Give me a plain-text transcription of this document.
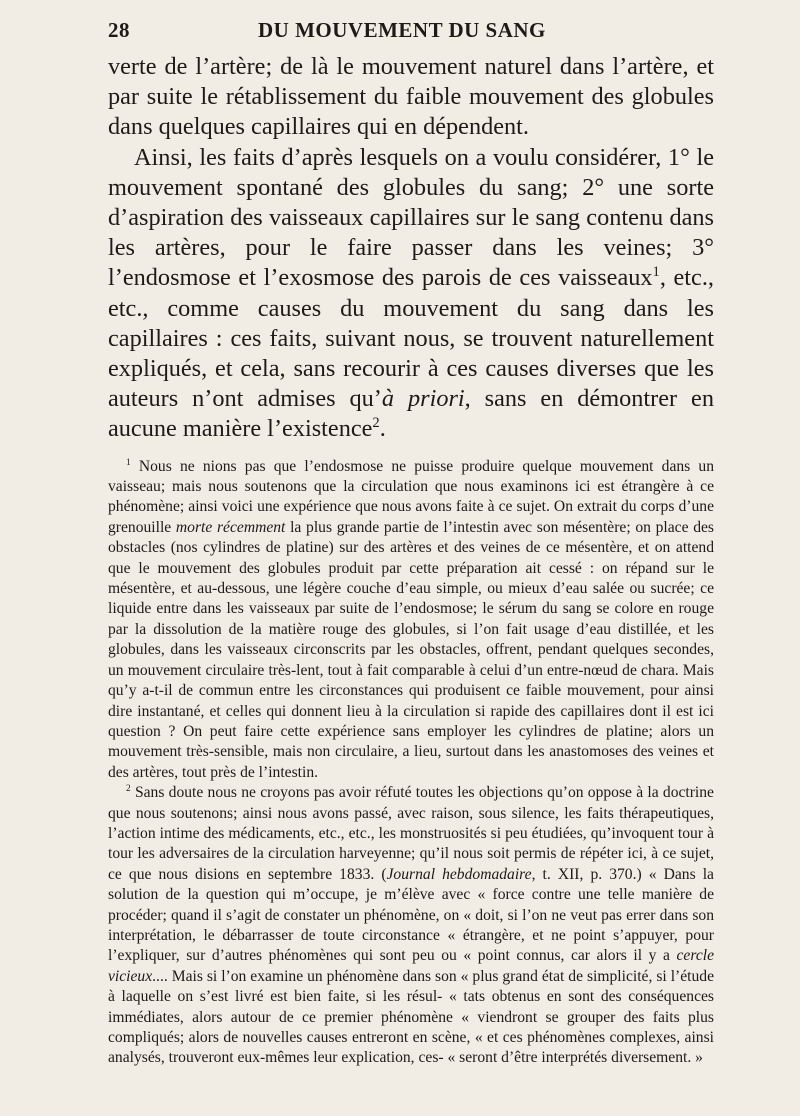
28	DU MOUVEMENT DU SANG

verte de l’artère; de là le mouvement naturel dans l’artère, et par suite le rétablissement du faible mouvement des globules dans quelques capillaires qui en dépendent.

Ainsi, les faits d’après lesquels on a voulu considérer, 1° le mouvement spontané des globules du sang; 2° une sorte d’aspiration des vaisseaux capillaires sur le sang contenu dans les artères, pour le faire passer dans les veines; 3° l’endosmose et l’exosmose des parois de ces vaisseaux$^1$, etc., etc., comme causes du mouvement du sang dans les capillaires : ces faits, suivant nous, se trouvent naturellement expliqués, et cela, sans recourir à ces causes diverses que les auteurs n’ont admises qu’à priori, sans en démontrer en aucune manière l’existence$^2$.

$^1$ Nous ne nions pas que l’endosmose ne puisse produire quelque mouvement dans un vaisseau; mais nous soutenons que la circulation que nous examinons ici est étrangère à ce phénomène; ainsi voici une expérience que nous avons faite à ce sujet. On extrait du corps d’une grenouille morte récemment la plus grande partie de l’intestin avec son mésentère; on place des obstacles (nos cylindres de platine) sur des artères et des veines de ce mésentère, et on attend que le mouvement des globules produit par cette préparation ait cessé : on répand sur le mésentère, et au-dessous, une légère couche d’eau simple, ou mieux d’eau salée ou sucrée; ce liquide entre dans les vaisseaux par suite de l’endosmose; le sérum du sang se colore en rouge par la dissolution de la matière rouge des globules, si l’on fait usage d’eau distillée, et les globules, dans les vaisseaux circonscrits par les obstacles, offrent, pendant quelques secondes, un mouvement circulaire très-lent, tout à fait comparable à celui d’un entre-nœud de chara. Mais qu’y a-t-il de commun entre les circonstances qui produisent ce faible mouvement, pour ainsi dire instantané, et celles qui donnent lieu à la circulation si rapide des capillaires dont il est ici question ? On peut faire cette expérience sans employer les cylindres de platine; alors un mouvement très-sensible, mais non circulaire, a lieu, surtout dans les anastomoses des veines et des artères, tout près de l’intestin.

$^2$ Sans doute nous ne croyons pas avoir réfuté toutes les objections qu’on oppose à la doctrine que nous soutenons; ainsi nous avons passé, avec raison, sous silence, les faits thérapeutiques, l’action intime des médicaments, etc., etc., les monstruosités si peu étudiées, qu’invoquent tour à tour les adversaires de la circulation harveyenne; qu’il nous soit permis de répéter ici, à ce sujet, ce que nous disions en septembre 1833. (Journal hebdomadaire, t. XII, p. 370.) « Dans la solution de la question qui m’occupe, je m’élève avec « force contre une telle manière de procéder; quand il s’agit de constater un phénomène, on « doit, si l’on ne veut pas errer dans son interprétation, le débarrasser de toute circonstance « étrangère, et ne point s’appuyer, pour l’expliquer, sur d’autres phénomènes qui sont peu ou « point connus, car alors il y a cercle vicieux.... Mais si l’on examine un phénomène dans son « plus grand état de simplicité, si l’étude à laquelle on s’est livré est bien faite, si les résul- « tats obtenus en sont des conséquences immédiates, alors autour de ce premier phénomène « viendront se grouper des faits plus compliqués; alors de nouvelles causes entreront en scène, « et ces phénomènes complexes, ainsi analysés, trouveront eux-mêmes leur explication, ces- « seront d’être interprétés diversement. »
